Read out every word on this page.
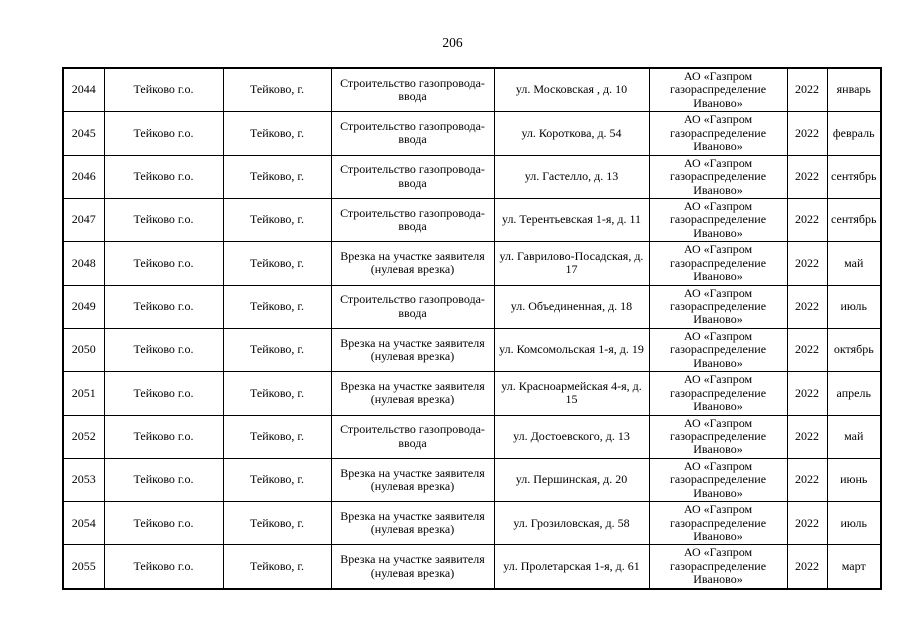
206
2044	Тейково г.о.	Тейково, г.	Строительство газопровода-ввода	ул. Московская , д. 10	АО «Газпром газораспределение Иваново»	2022	январь
2045	Тейково г.о.	Тейково, г.	Строительство газопровода-ввода	ул. Короткова, д. 54	АО «Газпром газораспределение Иваново»	2022	февраль
2046	Тейково г.о.	Тейково, г.	Строительство газопровода-ввода	ул. Гастелло, д. 13	АО «Газпром газораспределение Иваново»	2022	сентябрь
2047	Тейково г.о.	Тейково, г.	Строительство газопровода-ввода	ул. Терентьевская 1-я, д. 11	АО «Газпром газораспределение Иваново»	2022	сентябрь
2048	Тейково г.о.	Тейково, г.	Врезка на участке заявителя (нулевая врезка)	ул. Гаврилово-Посадская, д. 17	АО «Газпром газораспределение Иваново»	2022	май
2049	Тейково г.о.	Тейково, г.	Строительство газопровода-ввода	ул. Объединенная, д. 18	АО «Газпром газораспределение Иваново»	2022	июль
2050	Тейково г.о.	Тейково, г.	Врезка на участке заявителя (нулевая врезка)	ул. Комсомольская 1-я, д. 19	АО «Газпром газораспределение Иваново»	2022	октябрь
2051	Тейково г.о.	Тейково, г.	Врезка на участке заявителя (нулевая врезка)	ул. Красноармейская 4-я, д. 15	АО «Газпром газораспределение Иваново»	2022	апрель
2052	Тейково г.о.	Тейково, г.	Строительство газопровода-ввода	ул. Достоевского, д. 13	АО «Газпром газораспределение Иваново»	2022	май
2053	Тейково г.о.	Тейково, г.	Врезка на участке заявителя (нулевая врезка)	ул. Першинская, д. 20	АО «Газпром газораспределение Иваново»	2022	июнь
2054	Тейково г.о.	Тейково, г.	Врезка на участке заявителя (нулевая врезка)	ул. Грозиловская, д. 58	АО «Газпром газораспределение Иваново»	2022	июль
2055	Тейково г.о.	Тейково, г.	Врезка на участке заявителя (нулевая врезка)	ул. Пролетарская 1-я, д. 61	АО «Газпром газораспределение Иваново»	2022	март
